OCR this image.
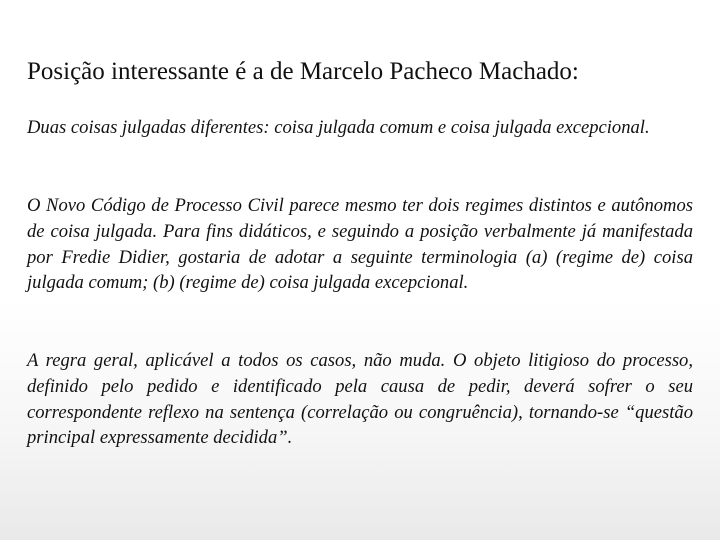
Posição interessante é a de Marcelo Pacheco Machado:

Duas coisas julgadas diferentes: coisa julgada comum e coisa julgada excepcional.

O Novo Código de Processo Civil parece mesmo ter dois regimes distintos e autônomos de coisa julgada. Para fins didáticos, e seguindo a posição verbalmente já manifestada por Fredie Didier, gostaria de adotar a seguinte terminologia (a) (regime de) coisa julgada comum; (b) (regime de) coisa julgada excepcional.

A regra geral, aplicável a todos os casos, não muda. O objeto litigioso do processo, definido pelo pedido e identificado pela causa de pedir, deverá sofrer o seu correspondente reflexo na sentença (correlação ou congruência), tornando-se “questão principal expressamente decidida”.
